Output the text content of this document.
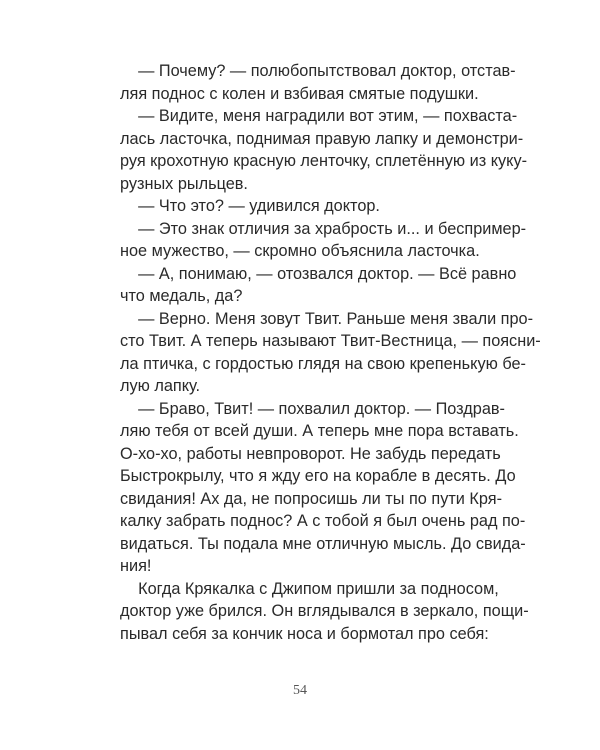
— Почему? — полюбопытствовал доктор, отстав-
ляя поднос с колен и взбивая смятые подушки.
— Видите, меня наградили вот этим, — похваста-
лась ласточка, поднимая правую лапку и демонстри-
руя крохотную красную ленточку, сплетённую из куку-
рузных рыльцев.
— Что это? — удивился доктор.
— Это знак отличия за храбрость и... и беспример-
ное мужество, — скромно объяснила ласточка.
— А, понимаю, — отозвался доктор. — Всё равно
что медаль, да?
— Верно. Меня зовут Твит. Раньше меня звали про-
сто Твит. А теперь называют Твит-Вестница, — поясни-
ла птичка, с гордостью глядя на свою крепенькую бе-
лую лапку.
— Браво, Твит! — похвалил доктор. — Поздрав-
ляю тебя от всей души. А теперь мне пора вставать.
О-хо-хо, работы невпроворот. Не забудь передать
Быстрокрылу, что я жду его на корабле в десять. До
свидания! Ах да, не попросишь ли ты по пути Кря-
калку забрать поднос? А с тобой я был очень рад по-
видаться. Ты подала мне отличную мысль. До свида-
ния!
Когда Крякалка с Джипом пришли за подносом,
доктор уже брился. Он вглядывался в зеркало, пощи-
пывал себя за кончик носа и бормотал про себя:
54
